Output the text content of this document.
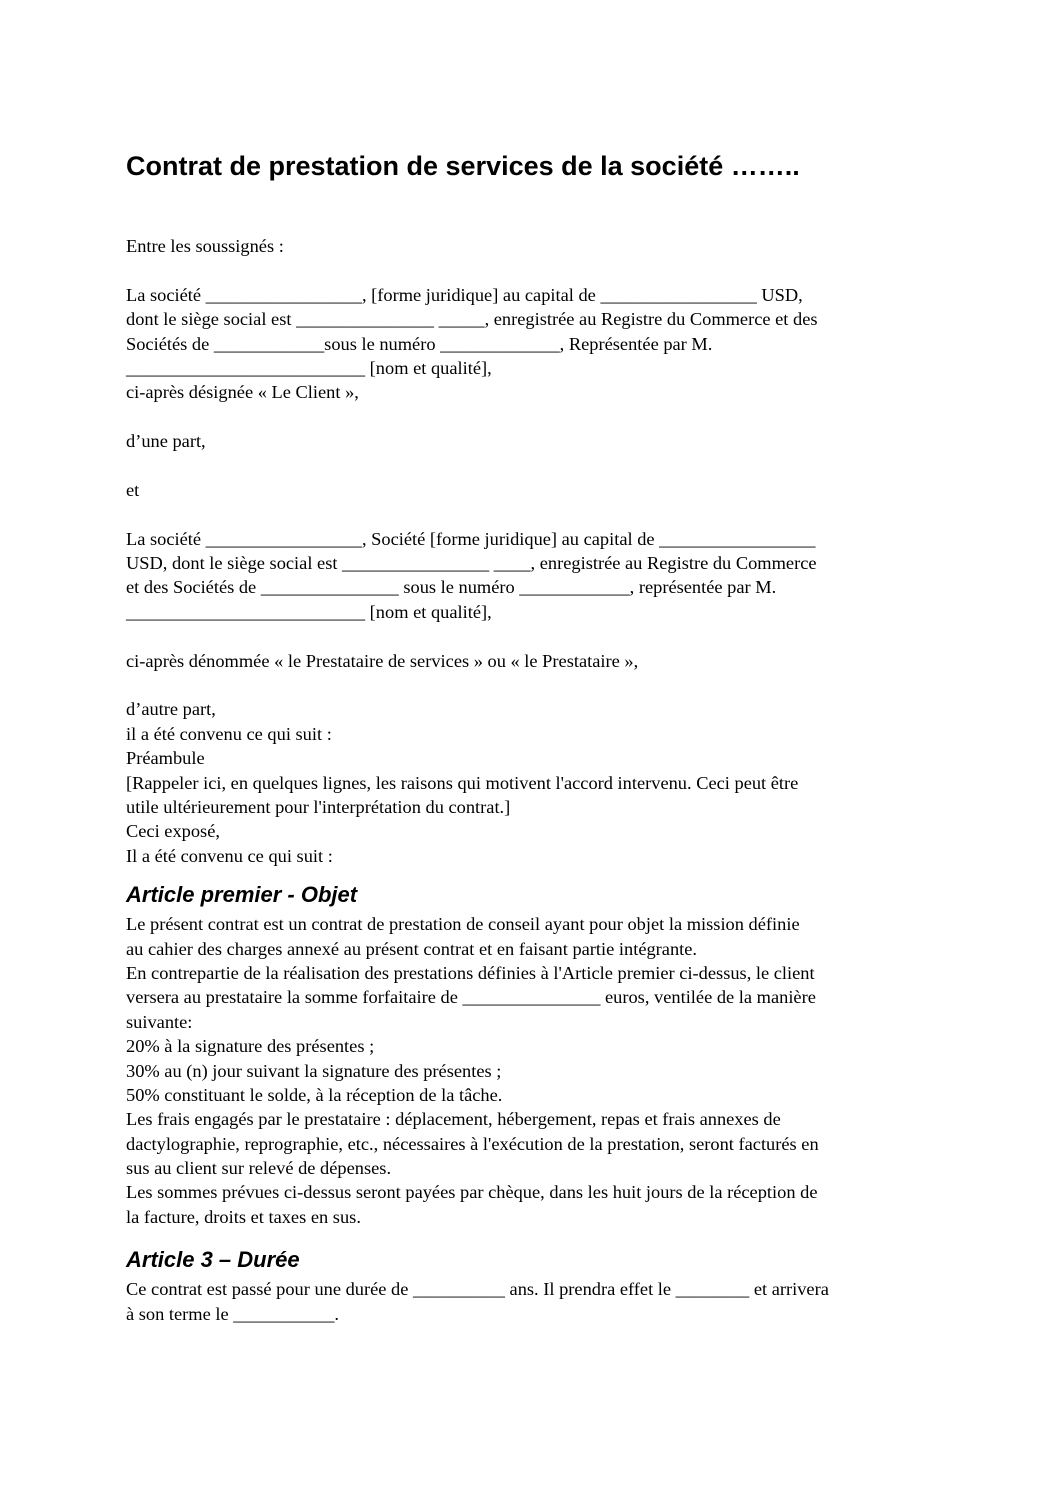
Contrat de prestation de services de la société ……..
Entre les soussignés :
La société _________________, [forme juridique] au capital de _________________ USD,
dont le siège social est _______________ _____, enregistrée au Registre du Commerce et des
Sociétés de ____________sous le numéro _____________, Représentée par M.
__________________________ [nom et qualité],
ci-après désignée « Le Client »,
d’une part,
et
La société _________________, Société [forme juridique] au capital de _________________
USD, dont le siège social est ________________ ____, enregistrée au Registre du Commerce
et des Sociétés de _______________ sous le numéro ____________, représentée par M.
__________________________ [nom et qualité],
ci-après dénommée « le Prestataire de services » ou « le Prestataire »,
d’autre part,
il a été convenu ce qui suit :
Préambule
[Rappeler ici, en quelques lignes, les raisons qui motivent l'accord intervenu. Ceci peut être
utile ultérieurement pour l'interprétation du contrat.]
Ceci exposé,
Il a été convenu ce qui suit :
Article premier - Objet
Le présent contrat est un contrat de prestation de conseil ayant pour objet la mission définie
au cahier des charges annexé au présent contrat et en faisant partie intégrante.
En contrepartie de la réalisation des prestations définies à l'Article premier ci-dessus, le client
versera au prestataire la somme forfaitaire de _______________ euros, ventilée de la manière
suivante:
20% à la signature des présentes ;
30% au (n) jour suivant la signature des présentes ;
50% constituant le solde, à la réception de la tâche.
Les frais engagés par le prestataire : déplacement, hébergement, repas et frais annexes de
dactylographie, reprographie, etc., nécessaires à l'exécution de la prestation, seront facturés en
sus au client sur relevé de dépenses.
Les sommes prévues ci-dessus seront payées par chèque, dans les huit jours de la réception de
la facture, droits et taxes en sus.
Article 3 – Durée
Ce contrat est passé pour une durée de __________ ans. Il prendra effet le ________ et arrivera
à son terme le ___________.
